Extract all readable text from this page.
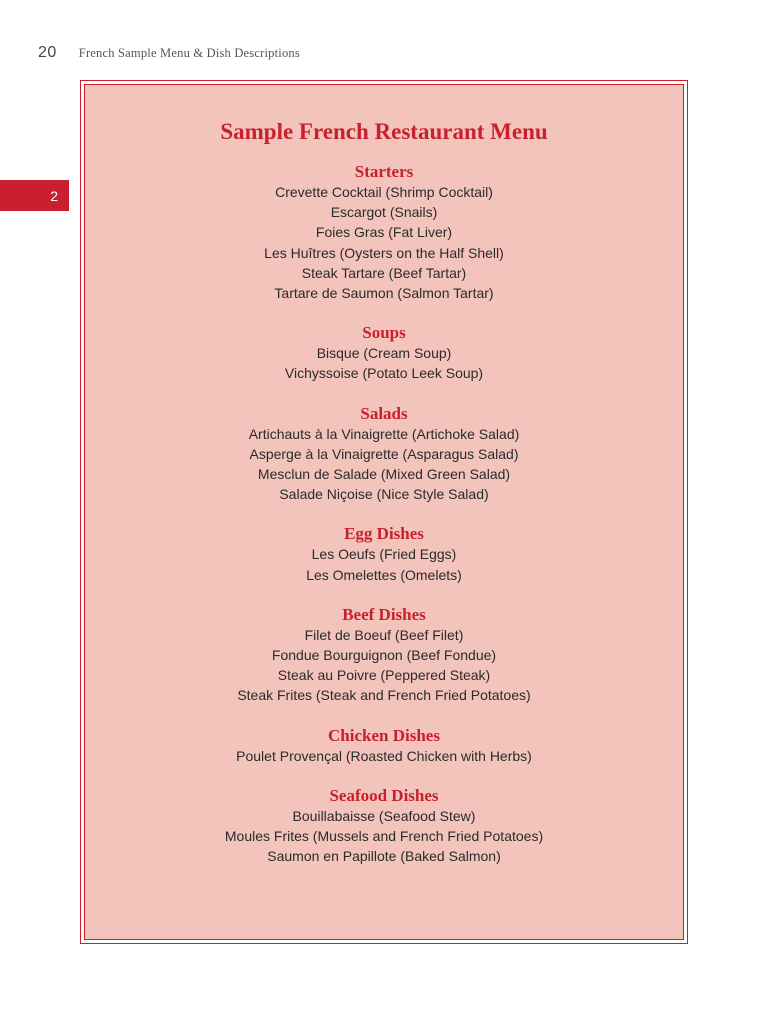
20 French Sample Menu & Dish Descriptions
2
Sample French Restaurant Menu
Starters
Crevette Cocktail (Shrimp Cocktail)
Escargot (Snails)
Foies Gras (Fat Liver)
Les Huîtres (Oysters on the Half Shell)
Steak Tartare (Beef Tartar)
Tartare de Saumon (Salmon Tartar)
Soups
Bisque (Cream Soup)
Vichyssoise (Potato Leek Soup)
Salads
Artichauts à la Vinaigrette (Artichoke Salad)
Asperge à la Vinaigrette (Asparagus Salad)
Mesclun de Salade (Mixed Green Salad)
Salade Niçoise (Nice Style Salad)
Egg Dishes
Les Oeufs (Fried Eggs)
Les Omelettes (Omelets)
Beef Dishes
Filet de Boeuf (Beef Filet)
Fondue Bourguignon (Beef Fondue)
Steak au Poivre (Peppered Steak)
Steak Frites (Steak and French Fried Potatoes)
Chicken Dishes
Poulet Provençal (Roasted Chicken with Herbs)
Seafood Dishes
Bouillabaisse (Seafood Stew)
Moules Frites (Mussels and French Fried Potatoes)
Saumon en Papillote (Baked Salmon)
